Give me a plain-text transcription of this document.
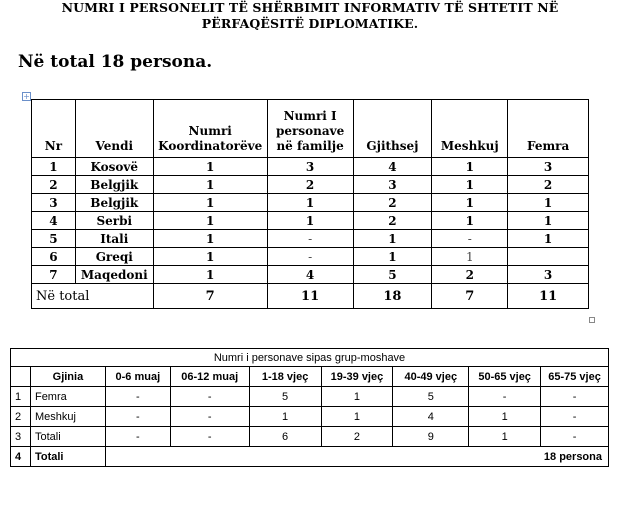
NUMRI I PERSONELIT TË SHËRBIMIT INFORMATIV TË SHTETIT NË
PËRFAQËSITË DIPLOMATIKE.
Në total 18 persona.
+
Nr	Vendi	Numri Koordinatorëve	Numri I personave në familje	Gjithsej	Meshkuj	Femra
1	Kosovë	1	3	4	1	3
2	Belgjik	1	2	3	1	2
3	Belgjik	1	1	2	1	1
4	Serbi	1	1	2	1	1
5	Itali	1	-	1	-	1
6	Greqi	1	-	1	1	
7	Maqedoni	1	4	5	2	3
Në total		7	11	18	7	11
Numri i personave sipas grup-moshave								
	Gjinia	0-6 muaj	06-12 muaj	1-18 vjeç	19-39 vjeç	40-49 vjeç	50-65 vjeç	65-75 vjeç
1	Femra	-	-	5	1	5	-	-
2	Meshkuj	-	-	1	1	4	1	-
3	Totali	-	-	6	2	9	1	-
4	Totali	18 persona						
